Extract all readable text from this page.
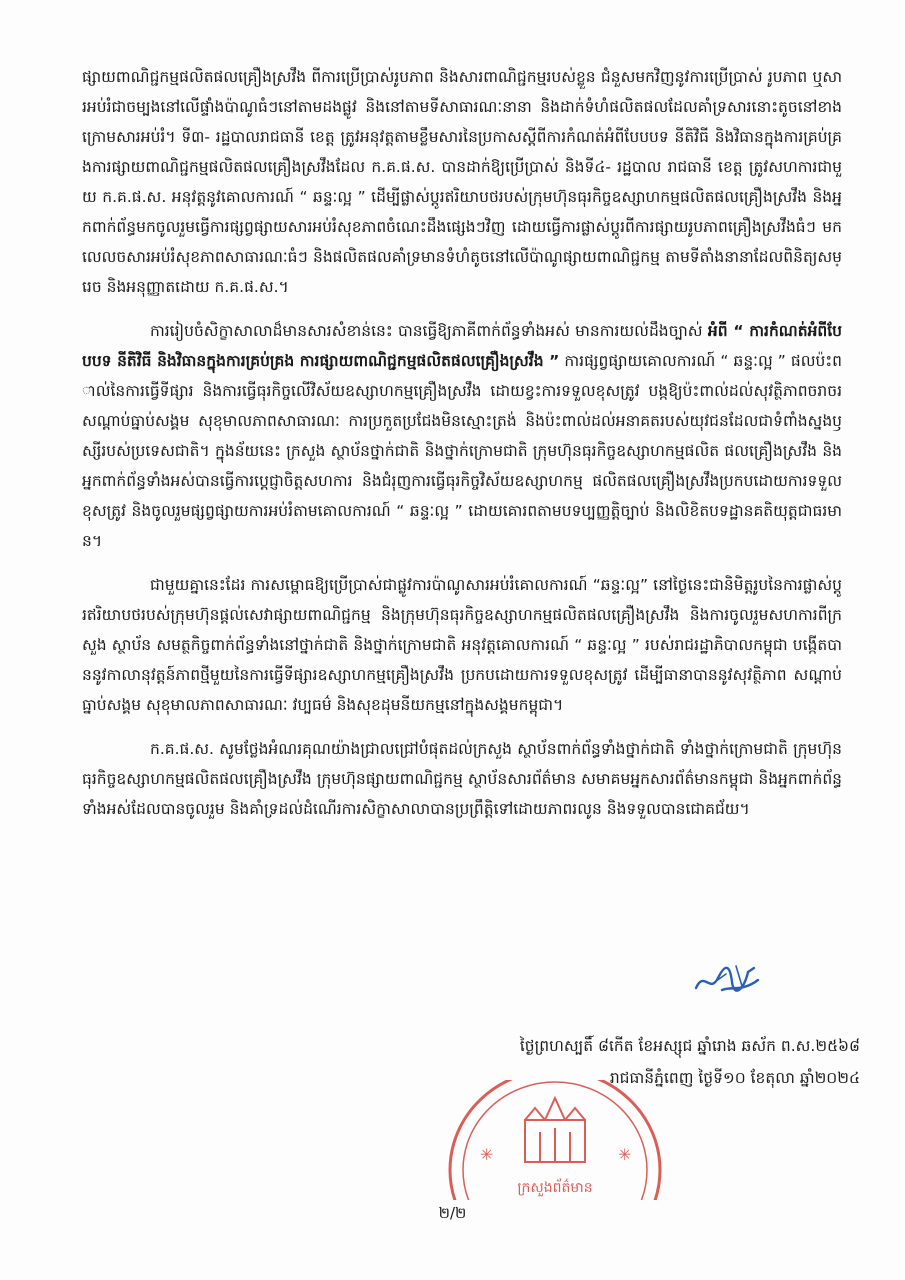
ផ្សាយពាណិជ្ជកម្មផលិតផលគ្រឿងស្រវឹង ពីការប្រើប្រាស់រូបភាព និងសារពាណិជ្ជកម្មរបស់ខ្លួន ជំនួសមកវិញនូវការប្រើប្រាស់ រូបភាព ឬសារអប់រំជាចម្បងនៅលើផ្ទាំងប៉ាណូធំៗនៅតាមដងផ្លូវ និងនៅតាមទីសាធារណៈនានា និងដាក់ទំហំផលិតផលដែលគាំទ្រសារនោះតូចនៅខាងក្រោមសារអប់រំ។ ទី៣- រដ្ឋបាលរាជធានី ខេត្ត ត្រូវអនុវត្តតាមខ្លឹមសារនៃប្រកាសស្តីពីការកំណត់អំពីបែបបទ នីតិវិធី និងវិធានក្នុងការគ្រប់គ្រងការផ្សាយពាណិជ្ជកម្មផលិតផលគ្រឿងស្រវឹងដែល ក.គ.ផ.ស. បានដាក់ឱ្យប្រើប្រាស់ និងទី៤- រដ្ឋបាល រាជធានី ខេត្ត ត្រូវសហការជាមួយ ក.គ.ផ.ស. អនុវត្តនូវគោលការណ៍ “ ឆន្ទៈល្អ ” ដើម្បីផ្លាស់ប្តូរឥរិយាបថរបស់ក្រុមហ៊ុនធុរកិច្ចឧស្សាហកម្មផលិតផលគ្រឿងស្រវឹង និងអ្នកពាក់ព័ន្ធមកចូលរួមធ្វើការផ្សព្វផ្សាយសារអប់រំសុខភាពចំណេះដឹងផ្សេងៗវិញ ដោយធ្វើការផ្លាស់ប្តូរពីការផ្សាយរូបភាពគ្រឿងស្រវឹងធំៗ មកលេលចសារអប់រំសុខភាពសាធារណៈធំៗ និងផលិតផលគាំទ្រមានទំហំតូចនៅលើប៉ាណូផ្សាយពាណិជ្ជកម្ម តាមទីតាំងនានាដែលពិនិត្យសម្រេច និងអនុញ្ញាតដោយ ក.គ.ផ.ស.។

ការរៀបចំសិក្ខាសាលាដ៏មានសារសំខាន់នេះ បានធ្វើឱ្យភាគីពាក់ព័ន្ធទាំងអស់ មានការយល់ដឹងច្បាស់ អំពី “ ការកំណត់អំពីបែបបទ នីតិវិធី និងវិធានក្នុងការគ្រប់គ្រង ការផ្សាយពាណិជ្ជកម្មផលិតផលគ្រឿងស្រវឹង ” ការផ្សព្វផ្សាយគោលការណ៍ “ ឆន្ទៈល្អ ” ផលប៉ះពាល់នៃការធ្វើទីផ្សារ និងការធ្វើធុរកិច្ចលើវិស័យឧស្សាហកម្មគ្រឿងស្រវឹង ដោយខ្វះការទទួលខុសត្រូវ បង្កឱ្យប៉ះពាល់ដល់សុវត្ថិភាពចរាចរ សណ្តាប់ធ្នាប់សង្គម សុខុមាលភាពសាធារណៈ ការប្រកួតប្រជែងមិនស្មោះត្រង់ និងប៉ះពាល់ដល់អនាគតរបស់យុវជនដែលជាទំពាំងស្នងឫស្សីរបស់ប្រទេសជាតិ។ ក្នុងន័យនេះ ក្រសួង ស្ថាប័នថ្នាក់ជាតិ និងថ្នាក់ក្រោមជាតិ ក្រុមហ៊ុនធុរកិច្ចឧស្សាហកម្មផលិត ផលគ្រឿងស្រវឹង និងអ្នកពាក់ព័ន្ធទាំងអស់បានធ្វើការប្តេជ្ញាចិត្តសហការ និងជំរុញការធ្វើធុរកិច្ចវិស័យឧស្សាហកម្ម ផលិតផលគ្រឿងស្រវឹងប្រកបដោយការទទួលខុសត្រូវ និងចូលរួមផ្សព្វផ្សាយការអប់រំតាមគោលការណ៍ “ ឆន្ទៈល្អ ” ដោយគោរពតាមបទប្បញ្ញត្តិច្បាប់ និងលិខិតបទដ្ឋានគតិយុត្តជាធរមាន។

ជាមួយគ្នានេះដែរ ការសម្ពោធឱ្យប្រើប្រាស់ជាផ្លូវការប៉ាណូសារអប់រំគោលការណ៍ “ឆន្ទៈល្អ” នៅថ្ងៃនេះជានិមិត្តរូបនៃការផ្លាស់ប្តូរឥរិយាបថរបស់ក្រុមហ៊ុនផ្តល់សេវាផ្សាយពាណិជ្ជកម្ម និងក្រុមហ៊ុនធុរកិច្ចឧស្សាហកម្មផលិតផលគ្រឿងស្រវឹង និងការចូលរួមសហការពីក្រសួង ស្ថាប័ន សមត្ថកិច្ចពាក់ព័ន្ធទាំងនៅថ្នាក់ជាតិ និងថ្នាក់ក្រោមជាតិ អនុវត្តគោលការណ៍ “ ឆន្ទៈល្អ ” របស់រាជរដ្ឋាភិបាលកម្ពុជា បង្កើតបាននូវកាលានុវត្តន៍ភាពថ្មីមួយនៃការធ្វើទីផ្សារឧស្សាហកម្មគ្រឿងស្រវឹង ប្រកបដោយការទទួលខុសត្រូវ ដើម្បីធានាបាននូវសុវត្ថិភាព សណ្តាប់ធ្នាប់សង្គម សុខុមាលភាពសាធារណៈ វប្បធម៌ និងសុខដុមនីយកម្មនៅក្នុងសង្គមកម្ពុជា។

ក.គ.ផ.ស. សូមថ្លែងអំណរគុណយ៉ាងជ្រាលជ្រៅបំផុតដល់ក្រសួង ស្ថាប័នពាក់ព័ន្ធទាំងថ្នាក់ជាតិ ទាំងថ្នាក់ក្រោមជាតិ ក្រុមហ៊ុនធុរកិច្ចឧស្សាហកម្មផលិតផលគ្រឿងស្រវឹង ក្រុមហ៊ុនផ្សាយពាណិជ្ជកម្ម ស្ថាប័នសារព័ត៌មាន សមាគមអ្នកសារព័ត៌មានកម្ពុជា និងអ្នកពាក់ព័ន្ធទាំងអស់ដែលបានចូលរួម និងគាំទ្រដល់ដំណើរការសិក្ខាសាលាបានប្រព្រឹត្តិទៅដោយភាពរលូន និងទទួលបានជោគជ័យ។

ថ្ងៃព្រហស្បតិ៍ ៨កើត ខែអស្សុជ ឆ្នាំរោង ឆស័ក ព.ស.២៥៦៨
រាជធានីភ្នំពេញ ថ្ងៃទី១០ ខែតុលា ឆ្នាំ២០២៤
✳	✳
ក្រសួងព័ត៌មាន
២/២
